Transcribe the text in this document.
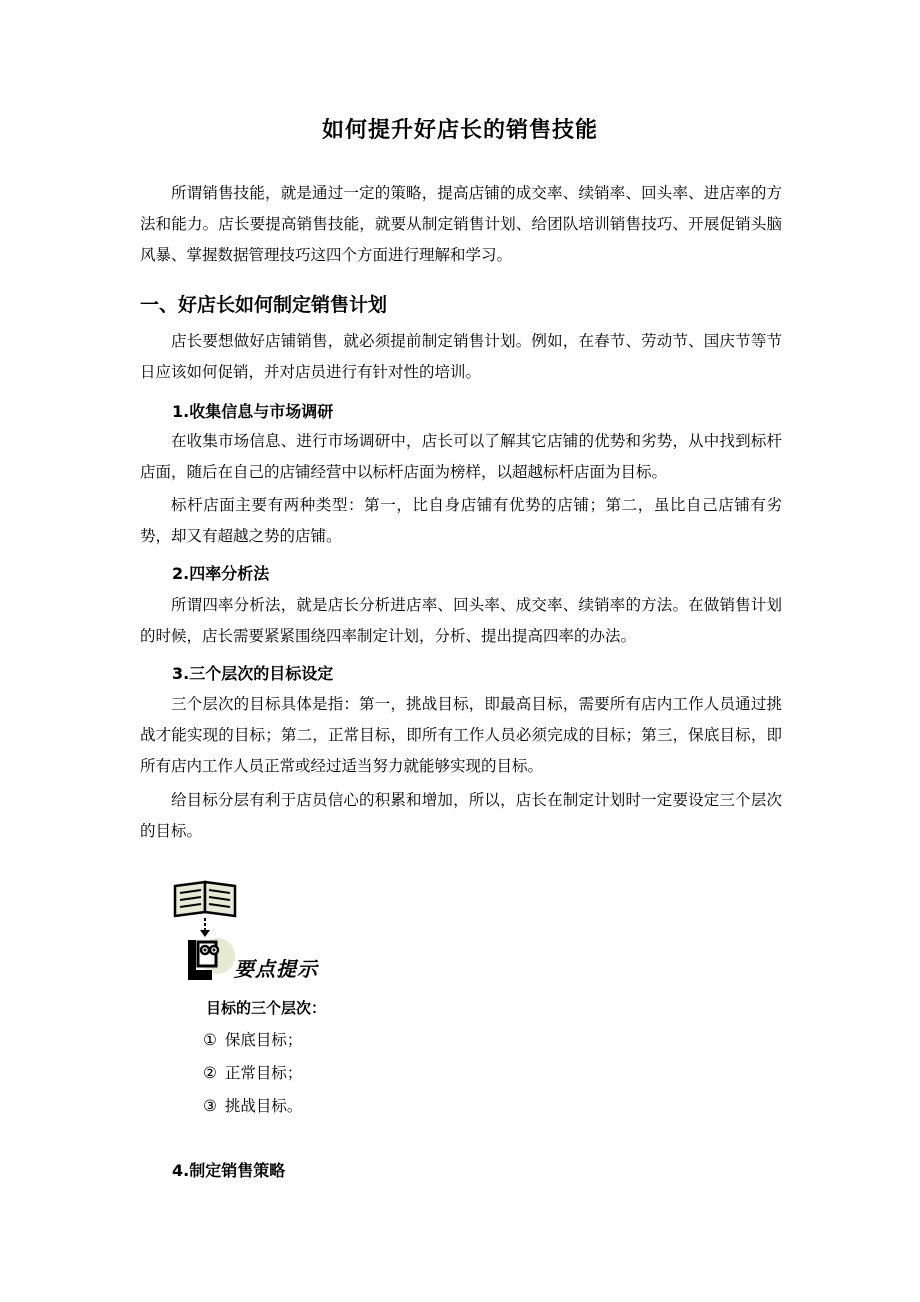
如何提升好店长的销售技能

所谓销售技能，就是通过一定的策略，提高店铺的成交率、续销率、回头率、进店率的方法和能力。店长要提高销售技能，就要从制定销售计划、给团队培训销售技巧、开展促销头脑风暴、掌握数据管理技巧这四个方面进行理解和学习。

一、好店长如何制定销售计划

店长要想做好店铺销售，就必须提前制定销售计划。例如，在春节、劳动节、国庆节等节日应该如何促销，并对店员进行有针对性的培训。

1.收集信息与市场调研

在收集市场信息、进行市场调研中，店长可以了解其它店铺的优势和劣势，从中找到标杆店面，随后在自己的店铺经营中以标杆店面为榜样，以超越标杆店面为目标。

标杆店面主要有两种类型：第一，比自身店铺有优势的店铺；第二，虽比自己店铺有劣势，却又有超越之势的店铺。

2.四率分析法

所谓四率分析法，就是店长分析进店率、回头率、成交率、续销率的方法。在做销售计划的时候，店长需要紧紧围绕四率制定计划，分析、提出提高四率的办法。

3.三个层次的目标设定

三个层次的目标具体是指：第一，挑战目标，即最高目标，需要所有店内工作人员通过挑战才能实现的目标；第二，正常目标，即所有工作人员必须完成的目标；第三，保底目标，即所有店内工作人员正常或经过适当努力就能够实现的目标。

给目标分层有利于店员信心的积累和增加，所以，店长在制定计划时一定要设定三个层次的目标。

要点提示
目标的三个层次：
① 保底目标；
② 正常目标；
③ 挑战目标。
4.制定销售策略
